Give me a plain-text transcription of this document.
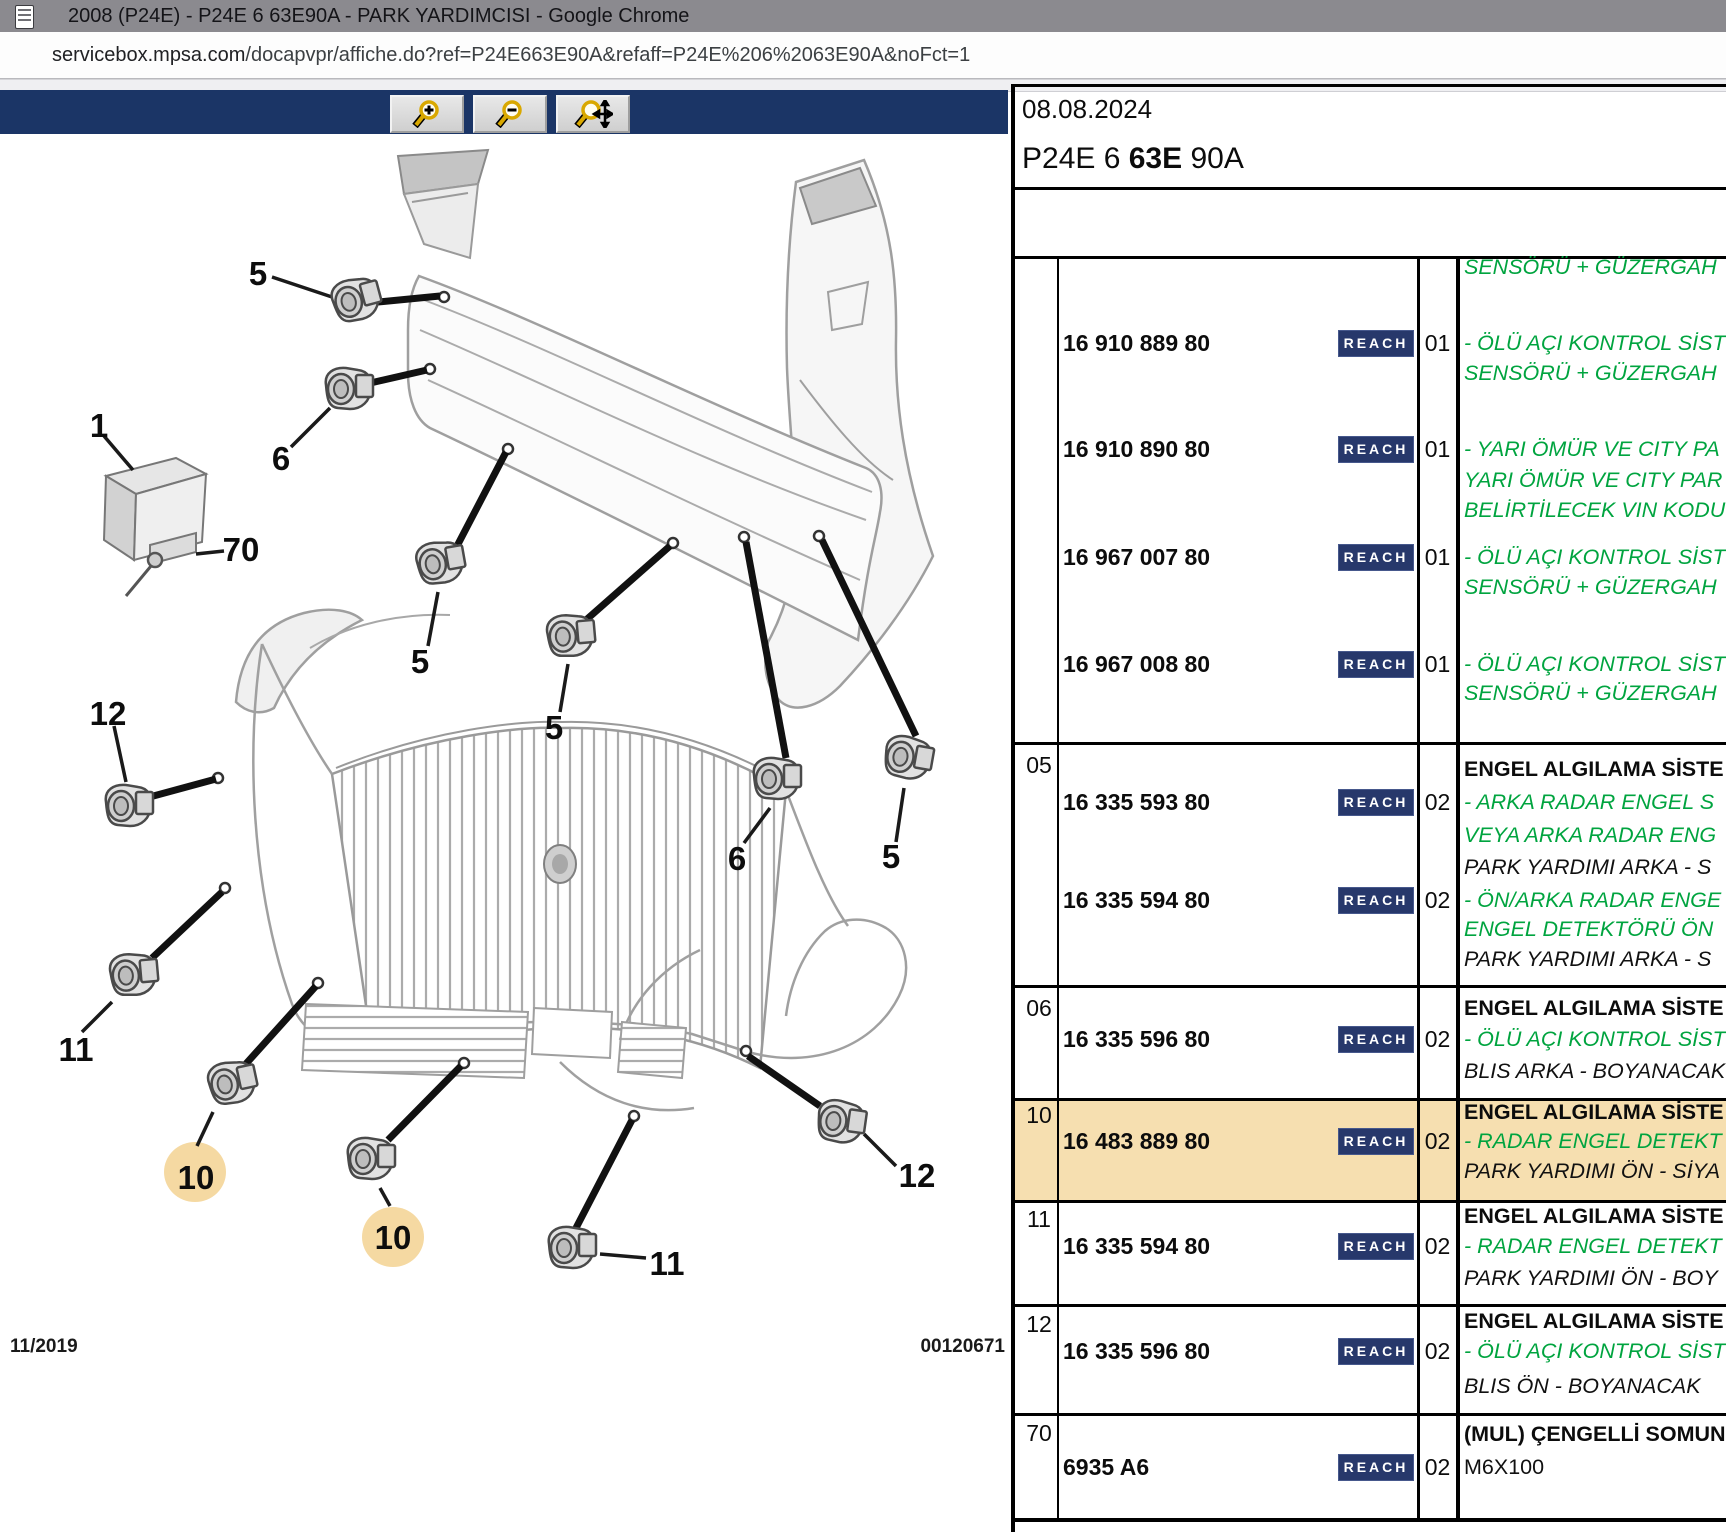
2008 (P24E) - P24E 6 63E90A - PARK YARDIMCISI - Google Chrome
servicebox.mpsa.com/docapvpr/affiche.do?ref=P24E663E90A&refaff=P24E%206%2063E90A&noFct=1
5
6
1
70
5
5
6	5
12
11
10
10
11
12
11/2019	00120671
08.08.2024
P24E 6 63E 90A
SENSÖRÜ + GÜZERGAH
16 910 889 80	REACH 01 - ÖLÜ AÇI KONTROL SİST
SENSÖRÜ + GÜZERGAH
16 910 890 80	REACH 01 - YARI ÖMÜR VE CITY PA
YARI ÖMÜR VE CITY PAR
BELİRTİLECEK VIN KODU
16 967 007 80	REACH 01 - ÖLÜ AÇI KONTROL SİST
SENSÖRÜ + GÜZERGAH
16 967 008 80	REACH 01 - ÖLÜ AÇI KONTROL SİST
SENSÖRÜ + GÜZERGAH
05	ENGEL ALGILAMA SİSTE
16 335 593 80	REACH 02 - ARKA RADAR ENGEL S
VEYA ARKA RADAR ENG
PARK YARDIMI ARKA - S
16 335 594 80	REACH 02 - ÖN/ARKA RADAR ENGE
ENGEL DETEKTÖRÜ ÖN
PARK YARDIMI ARKA - S
06	ENGEL ALGILAMA SİSTE
16 335 596 80	REACH 02 - ÖLÜ AÇI KONTROL SİST
BLIS ARKA - BOYANACAK
10	ENGEL ALGILAMA SİSTE
16 483 889 80	REACH 02 - RADAR ENGEL DETEKT
PARK YARDIMI ÖN - SİYA
11	ENGEL ALGILAMA SİSTE
16 335 594 80	REACH 02 - RADAR ENGEL DETEKT
PARK YARDIMI ÖN - BOY
12	ENGEL ALGILAMA SİSTE
16 335 596 80	REACH 02 - ÖLÜ AÇI KONTROL SİST
BLIS ÖN - BOYANACAK
70	(MUL) ÇENGELLİ SOMUN
6935 A6	REACH 02 M6X100
